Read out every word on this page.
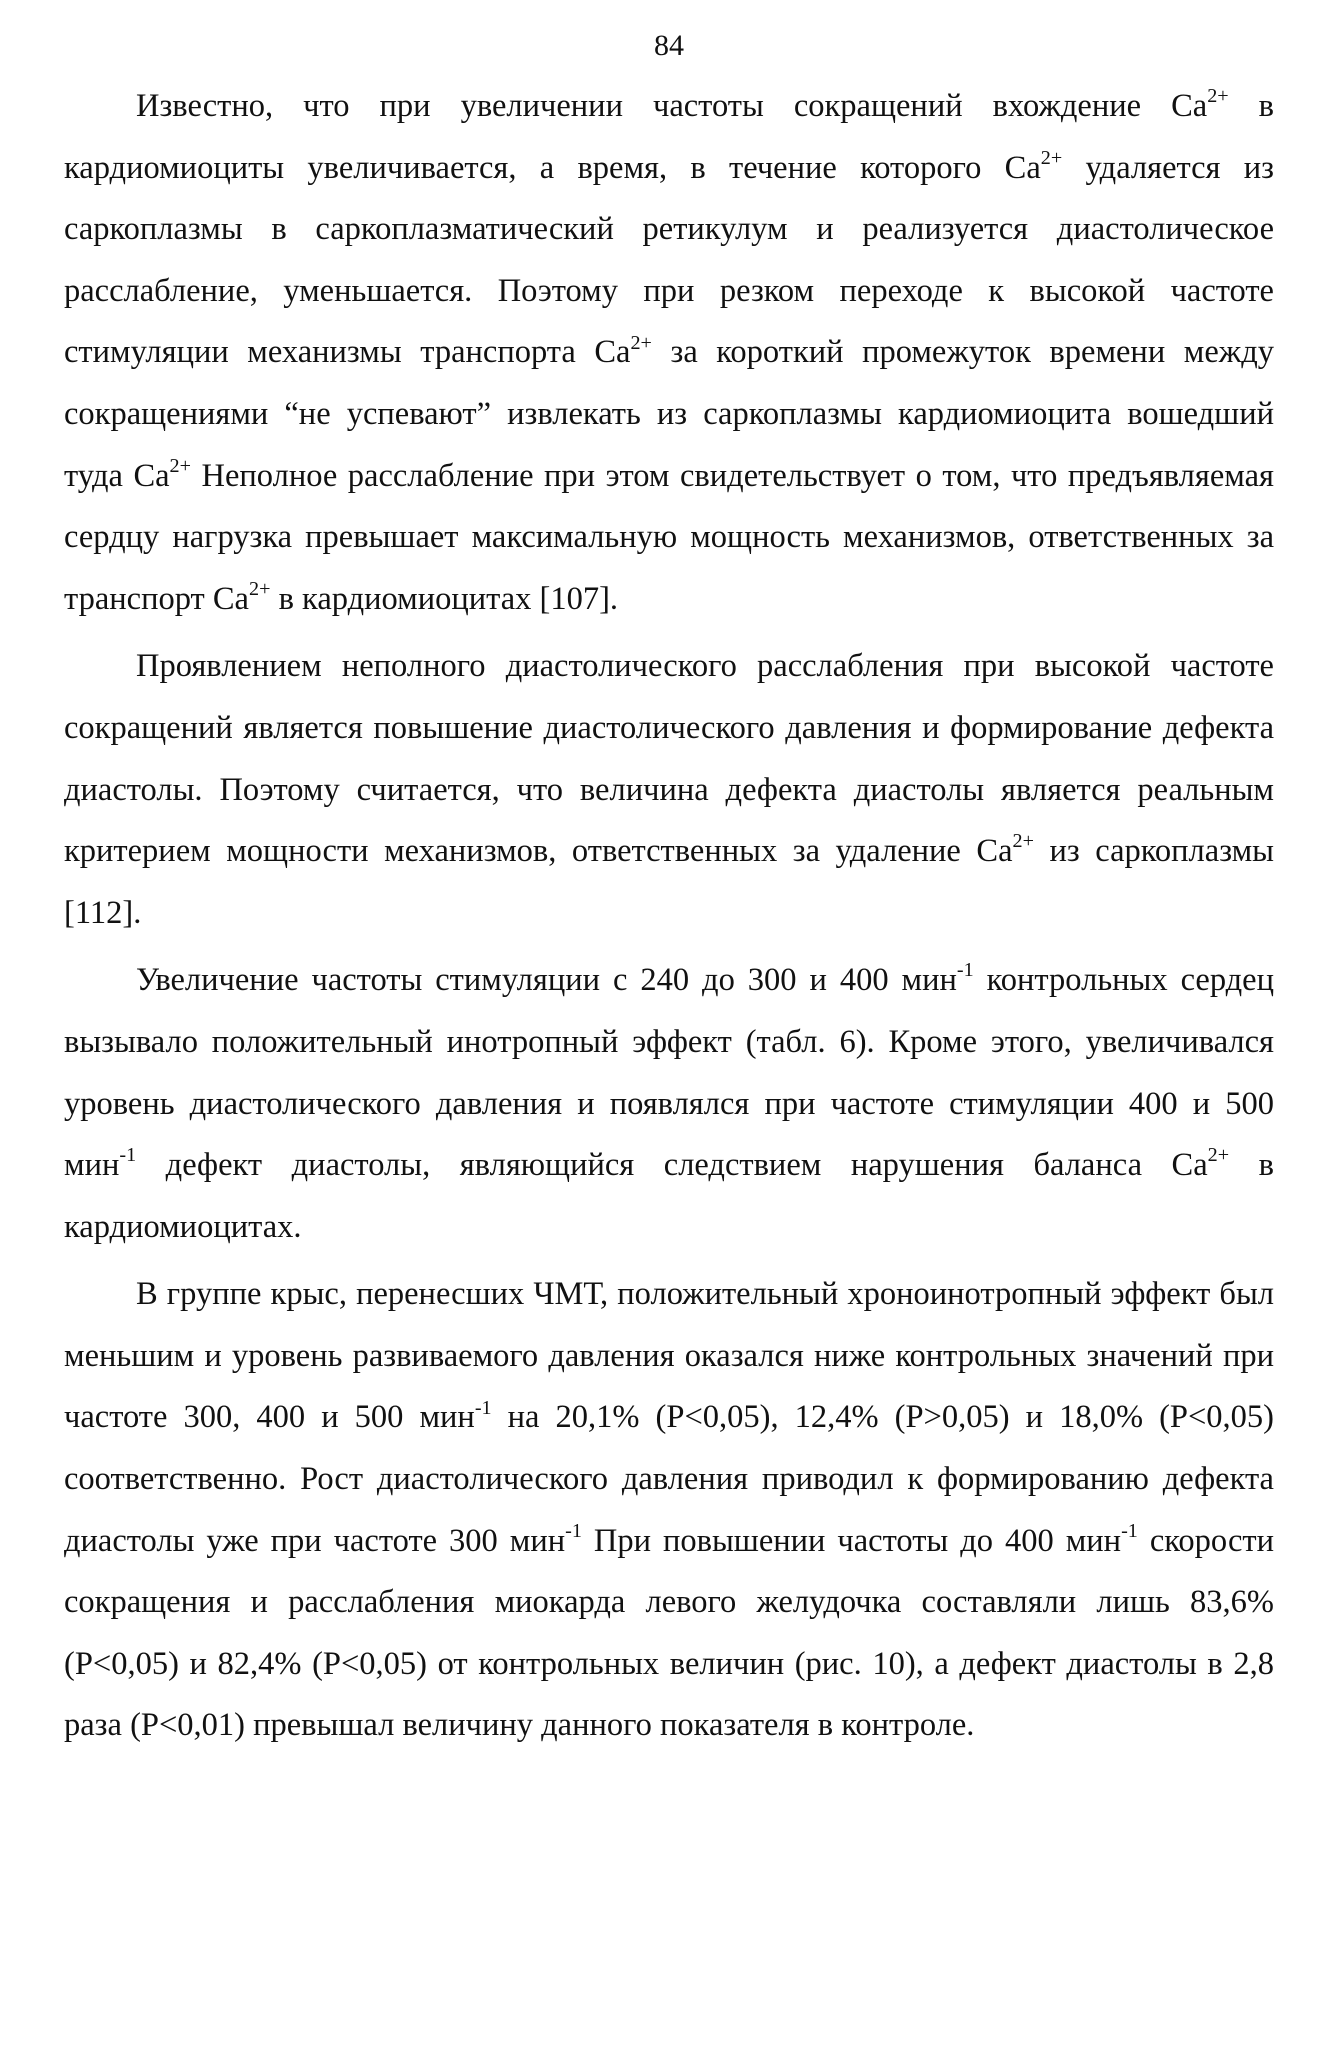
84

Известно, что при увеличении частоты сокращений вхождение $Ca^{2+}$ в кардиомиоциты увеличивается, а время, в течение которого $Ca^{2+}$ удаляется из саркоплазмы в саркоплазматический ретикулум и реализуется диастолическое расслабление, уменьшается. Поэтому при резком переходе к высокой частоте стимуляции механизмы транспорта $Ca^{2+}$ за короткий промежуток времени между сокращениями “не успевают” извлекать из саркоплазмы кардиомиоцита вошедший туда $Ca^{2+}$ Неполное расслабление при этом свидетельствует о том, что предъявляемая сердцу нагрузка превышает максимальную мощность механизмов, ответственных за транспорт $Ca^{2+}$ в кардиомиоцитах [107].

Проявлением неполного диастолического расслабления при высокой частоте сокращений является повышение диастолического давления и формирование дефекта диастолы. Поэтому считается, что величина дефекта диастолы является реальным критерием мощности механизмов, ответственных за удаление $Ca^{2+}$ из саркоплазмы [112].

Увеличение частоты стимуляции с 240 до 300 и 400 мин$^{-1}$ контрольных сердец вызывало положительный инотропный эффект (табл. 6). Кроме этого, увеличивался уровень диастолического давления и появлялся при частоте стимуляции 400 и 500 мин$^{-1}$ дефект диастолы, являющийся следствием нарушения баланса $Ca^{2+}$ в кардиомиоцитах.

В группе крыс, перенесших ЧМТ, положительный хроноинотропный эффект был меньшим и уровень развиваемого давления оказался ниже контрольных значений при частоте 300, 400 и 500 мин$^{-1}$ на 20,1% (P<0,05), 12,4% (P>0,05) и 18,0% (P<0,05) соответственно. Рост диастолического давления приводил к формированию дефекта диастолы уже при частоте 300 мин$^{-1}$ При повышении частоты до 400 мин$^{-1}$ скорости сокращения и расслабления миокарда левого желудочка составляли лишь 83,6% (P<0,05) и 82,4% (P<0,05) от контрольных величин (рис. 10), а дефект диастолы в 2,8 раза (P<0,01) превышал величину данного показателя в контроле.
